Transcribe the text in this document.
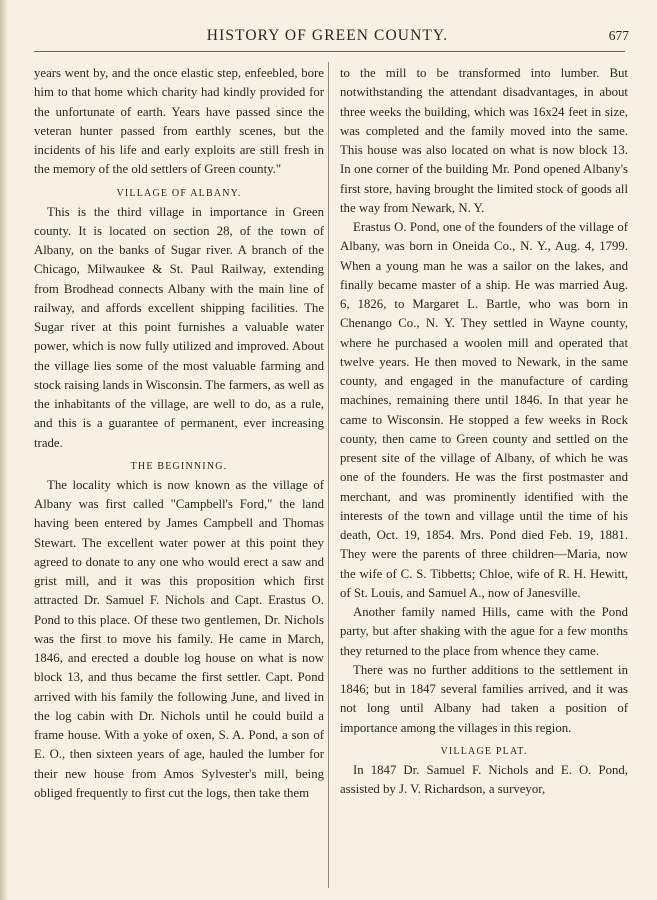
HISTORY OF GREEN COUNTY.	677

years went by, and the once elastic step, enfeebled, bore him to that home which charity had kindly provided for the unfortunate of earth. Years have passed since the veteran hunter passed from earthly scenes, but the incidents of his life and early exploits are still fresh in the memory of the old settlers of Green county."

VILLAGE OF ALBANY.

This is the third village in importance in Green county. It is located on section 28, of the town of Albany, on the banks of Sugar river. A branch of the Chicago, Milwaukee & St. Paul Railway, extending from Brodhead connects Albany with the main line of railway, and affords excellent shipping facilities. The Sugar river at this point furnishes a valuable water power, which is now fully utilized and improved. About the village lies some of the most valuable farming and stock raising lands in Wisconsin. The farmers, as well as the inhabitants of the village, are well to do, as a rule, and this is a guarantee of permanent, ever increasing trade.

THE BEGINNING.

The locality which is now known as the village of Albany was first called "Campbell's Ford," the land having been entered by James Campbell and Thomas Stewart. The excellent water power at this point they agreed to donate to any one who would erect a saw and grist mill, and it was this proposition which first attracted Dr. Samuel F. Nichols and Capt. Erastus O. Pond to this place. Of these two gentlemen, Dr. Nichols was the first to move his family. He came in March, 1846, and erected a double log house on what is now block 13, and thus became the first settler. Capt. Pond arrived with his family the following June, and lived in the log cabin with Dr. Nichols until he could build a frame house. With a yoke of oxen, S. A. Pond, a son of E. O., then sixteen years of age, hauled the lumber for their new house from Amos Sylvester's mill, being obliged frequently to first cut the logs, then take them

to the mill to be transformed into lumber. But notwithstanding the attendant disadvantages, in about three weeks the building, which was 16x24 feet in size, was completed and the family moved into the same. This house was also located on what is now block 13. In one corner of the building Mr. Pond opened Albany's first store, having brought the limited stock of goods all the way from Newark, N. Y.

Erastus O. Pond, one of the founders of the village of Albany, was born in Oneida Co., N. Y., Aug. 4, 1799. When a young man he was a sailor on the lakes, and finally became master of a ship. He was married Aug. 6, 1826, to Margaret L. Bartle, who was born in Chenango Co., N. Y. They settled in Wayne county, where he purchased a woolen mill and operated that twelve years. He then moved to Newark, in the same county, and engaged in the manufacture of carding machines, remaining there until 1846. In that year he came to Wisconsin. He stopped a few weeks in Rock county, then came to Green county and settled on the present site of the village of Albany, of which he was one of the founders. He was the first postmaster and merchant, and was prominently identified with the interests of the town and village until the time of his death, Oct. 19, 1854. Mrs. Pond died Feb. 19, 1881. They were the parents of three children—Maria, now the wife of C. S. Tibbetts; Chloe, wife of R. H. Hewitt, of St. Louis, and Samuel A., now of Janesville.

Another family named Hills, came with the Pond party, but after shaking with the ague for a few months they returned to the place from whence they came.

There was no further additions to the settlement in 1846; but in 1847 several families arrived, and it was not long until Albany had taken a position of importance among the villages in this region.

VILLAGE PLAT.

In 1847 Dr. Samuel F. Nichols and E. O. Pond, assisted by J. V. Richardson, a surveyor,
